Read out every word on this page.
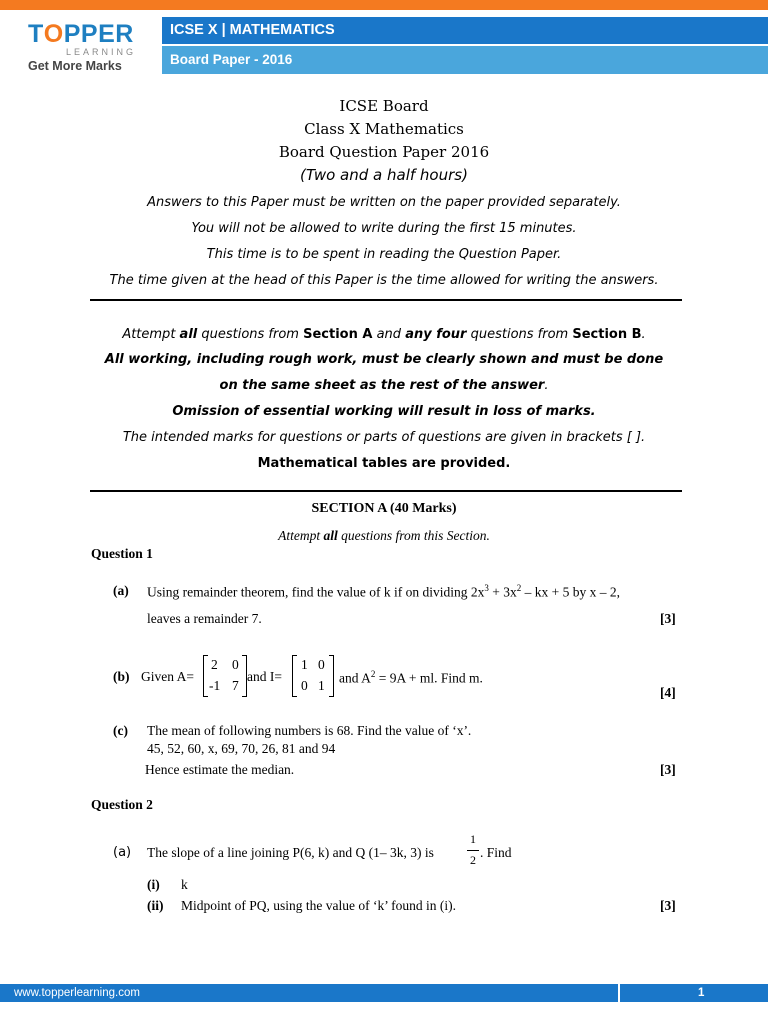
TOPPER
LEARNING
Get More Marks
ICSE X | MATHEMATICS
Board Paper - 2016
ICSE Board
Class X Mathematics
Board Question Paper 2016
(Two and a half hours)
Answers to this Paper must be written on the paper provided separately.
You will not be allowed to write during the first 15 minutes.
This time is to be spent in reading the Question Paper.
The time given at the head of this Paper is the time allowed for writing the answers.
Attempt all questions from Section A and any four questions from Section B.
All working, including rough work, must be clearly shown and must be done
on the same sheet as the rest of the answer.
Omission of essential working will result in loss of marks.
The intended marks for questions or parts of questions are given in brackets [ ].
Mathematical tables are provided.
SECTION A (40 Marks)
Attempt all questions from this Section.
Question 1
(a) Using remainder theorem, find the value of k if on dividing $2x^3 + 3x^2$ – kx + 5 by x – 2,
leaves a remainder 7.	[3]
(b) Given A=
2 0
-1 7
and I=
1 0
0 1 and $A^2 = 9A$ + ml. Find m.
[4]
(c) The mean of following numbers is 68. Find the value of ‘x’.
45, 52, 60, x, 69, 70, 26, 81 and 94
Hence estimate the median.	[3]
Question 2
(a) The slope of a line joining P(6, k) and Q (1– 3k, 3) is
1
2 . Find
(i) k
(ii) Midpoint of PQ, using the value of ‘k’ found in (i).	[3]
www.topperlearning.com	1
